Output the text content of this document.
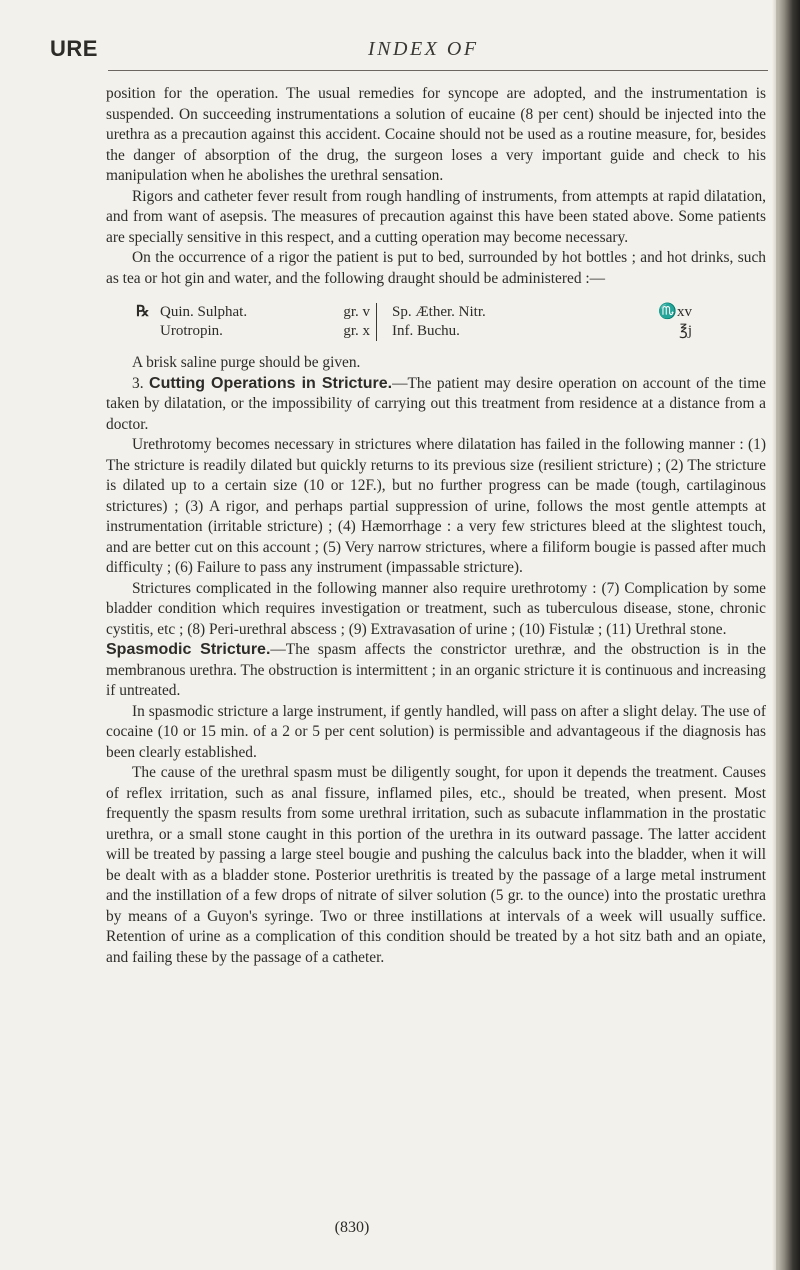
URE	INDEX OF

position for the operation. The usual remedies for syncope are adopted, and the instrumentation is suspended. On succeeding instrumentations a solution of eucaine (8 per cent) should be injected into the urethra as a precaution against this accident. Cocaine should not be used as a routine measure, for, besides the danger of absorption of the drug, the surgeon loses a very important guide and check to his manipulation when he abolishes the urethral sensation.

Rigors and catheter fever result from rough handling of instruments, from attempts at rapid dilatation, and from want of asepsis. The measures of precaution against this have been stated above. Some patients are specially sensitive in this respect, and a cutting operation may become necessary.

On the occurrence of a rigor the patient is put to bed, surrounded by hot bottles ; and hot drinks, such as tea or hot gin and water, and the following draught should be administered :—

℞ Quin. Sulphat.	gr. v	Sp. Æther. Nitr.	♏xv
Urotropin.	gr. x	Inf. Buchu.	℥j

A brisk saline purge should be given.

3. Cutting Operations in Stricture.—The patient may desire operation on account of the time taken by dilatation, or the impossibility of carrying out this treatment from residence at a distance from a doctor.

Urethrotomy becomes necessary in strictures where dilatation has failed in the following manner : (1) The stricture is readily dilated but quickly returns to its previous size (resilient stricture) ; (2) The stricture is dilated up to a certain size (10 or 12F.), but no further progress can be made (tough, cartilaginous strictures) ; (3) A rigor, and perhaps partial suppression of urine, follows the most gentle attempts at instrumentation (irritable stricture) ; (4) Hæmorrhage : a very few strictures bleed at the slightest touch, and are better cut on this account ; (5) Very narrow strictures, where a filiform bougie is passed after much difficulty ; (6) Failure to pass any instrument (impassable stricture).

Strictures complicated in the following manner also require urethrotomy : (7) Complication by some bladder condition which requires investigation or treatment, such as tuberculous disease, stone, chronic cystitis, etc ; (8) Peri-urethral abscess ; (9) Extravasation of urine ; (10) Fistulæ ; (11) Urethral stone.

Spasmodic Stricture.—The spasm affects the constrictor urethræ, and the obstruction is in the membranous urethra. The obstruction is intermittent ; in an organic stricture it is continuous and increasing if untreated.

In spasmodic stricture a large instrument, if gently handled, will pass on after a slight delay. The use of cocaine (10 or 15 min. of a 2 or 5 per cent solution) is permissible and advantageous if the diagnosis has been clearly established.

The cause of the urethral spasm must be diligently sought, for upon it depends the treatment. Causes of reflex irritation, such as anal fissure, inflamed piles, etc., should be treated, when present. Most frequently the spasm results from some urethral irritation, such as subacute inflammation in the prostatic urethra, or a small stone caught in this portion of the urethra in its outward passage. The latter accident will be treated by passing a large steel bougie and pushing the calculus back into the bladder, when it will be dealt with as a bladder stone. Posterior urethritis is treated by the passage of a large metal instrument and the instillation of a few drops of nitrate of silver solution (5 gr. to the ounce) into the prostatic urethra by means of a Guyon's syringe. Two or three instillations at intervals of a week will usually suffice. Retention of urine as a complication of this condition should be treated by a hot sitz bath and an opiate, and failing these by the passage of a catheter.

(830)
